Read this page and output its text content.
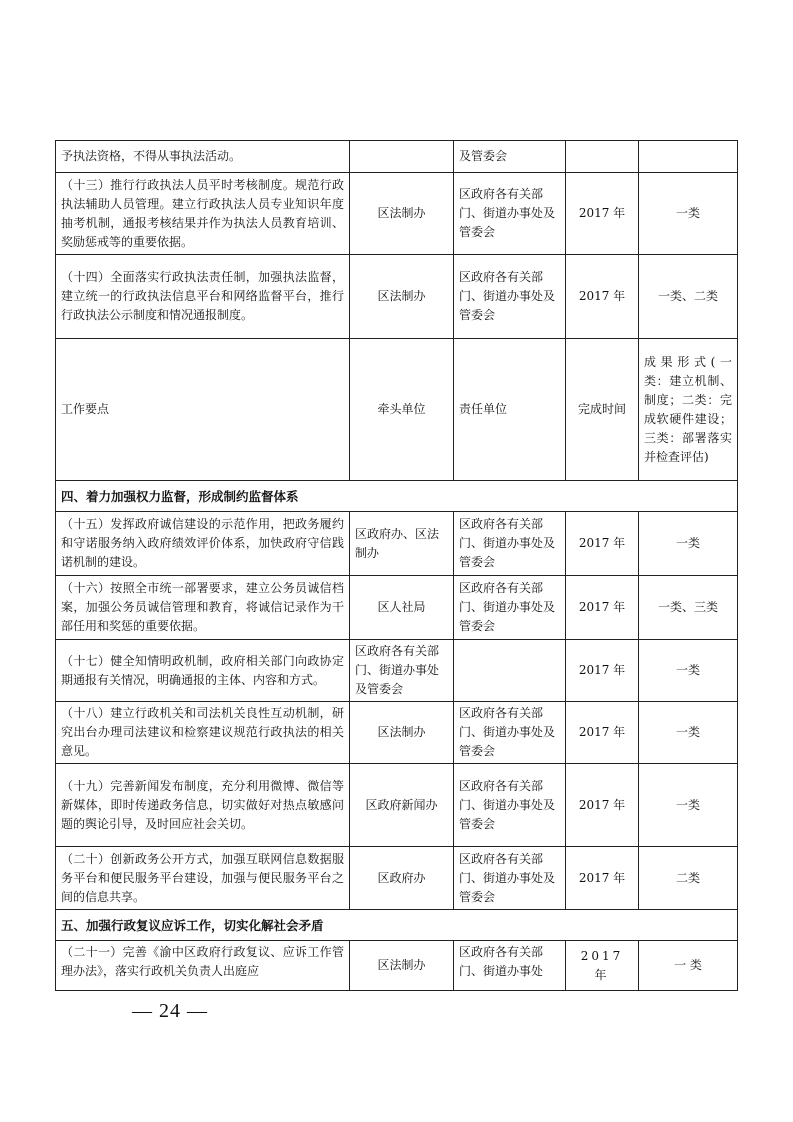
予执法资格，不得从事执法活动。		及管委会		
（十三）推行行政执法人员平时考核制度。规范行政执法辅助人员管理。建立行政执法人员专业知识年度抽考机制，通报考核结果并作为执法人员教育培训、奖励惩戒等的重要依据。	区法制办	区政府各有关部门、街道办事处及管委会	2017 年	一类
（十四）全面落实行政执法责任制，加强执法监督，建立统一的行政执法信息平台和网络监督平台，推行行政执法公示制度和情况通报制度。	区法制办	区政府各有关部门、街道办事处及管委会	2017 年	一类、二类
工作要点	牵头单位	责任单位	完成时间	成果形式(一类：建立机制、制度；二类：完成软硬件建设；三类：部署落实并检查评估)
四、着力加强权力监督，形成制约监督体系				
（十五）发挥政府诚信建设的示范作用，把政务履约和守诺服务纳入政府绩效评价体系，加快政府守信践诺机制的建设。	区政府办、区法制办	区政府各有关部门、街道办事处及管委会	2017 年	一类
（十六）按照全市统一部署要求，建立公务员诚信档案，加强公务员诚信管理和教育，将诚信记录作为干部任用和奖惩的重要依据。	区人社局	区政府各有关部门、街道办事处及管委会	2017 年	一类、三类
（十七）健全知情明政机制，政府相关部门向政协定期通报有关情况，明确通报的主体、内容和方式。	区政府各有关部门、街道办事处及管委会		2017 年	一类
（十八）建立行政机关和司法机关良性互动机制，研究出台办理司法建议和检察建议规范行政执法的相关意见。	区法制办	区政府各有关部门、街道办事处及管委会	2017 年	一类
（十九）完善新闻发布制度，充分利用微博、微信等新媒体，即时传递政务信息，切实做好对热点敏感问题的舆论引导，及时回应社会关切。	区政府新闻办	区政府各有关部门、街道办事处及管委会	2017 年	一类
（二十）创新政务公开方式，加强互联网信息数据服务平台和便民服务平台建设，加强与便民服务平台之间的信息共享。	区政府办	区政府各有关部门、街道办事处及管委会	2017 年	二类
五、加强行政复议应诉工作，切实化解社会矛盾				
（二十一）完善《渝中区政府行政复议、应诉工作管理办法》，落实行政机关负责人出庭应	区法制办	区政府各有关部门、街道办事处	2017 年	一 类
— 24 —
